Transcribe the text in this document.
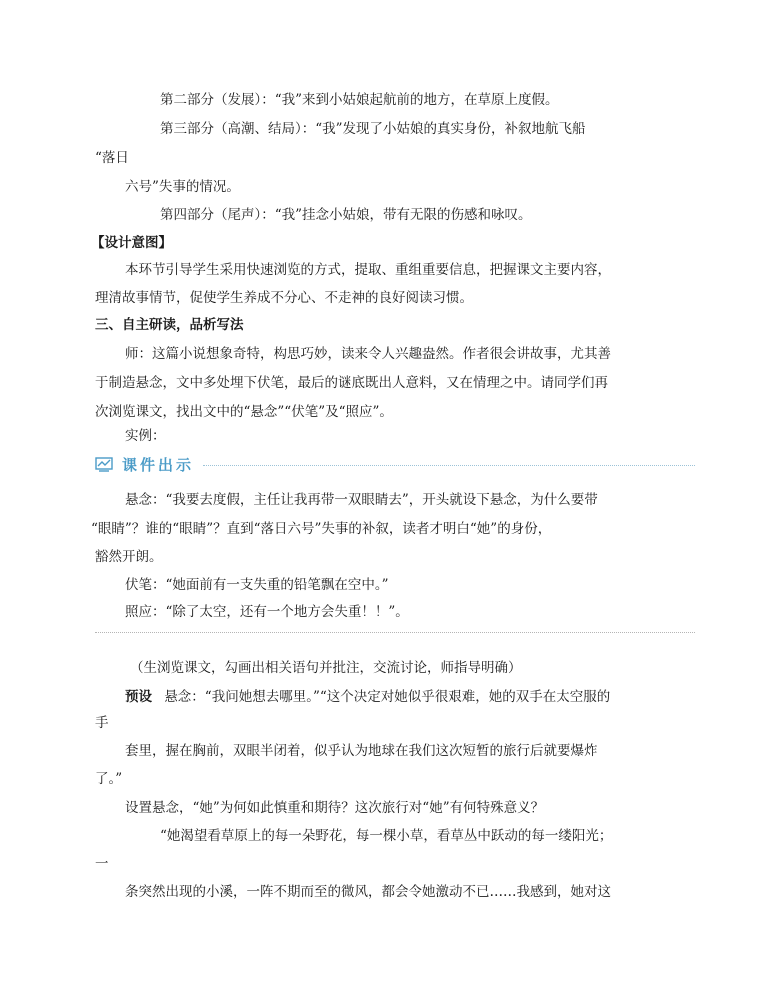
第二部分（发展）：“我”来到小姑娘起航前的地方，在草原上度假。
第三部分（高潮、结局）：“我”发现了小姑娘的真实身份，补叙地航飞船
“落日
六号”失事的情况。
第四部分（尾声）：“我”挂念小姑娘，带有无限的伤感和咏叹。
【设计意图】
本环节引导学生采用快速浏览的方式，提取、重组重要信息，把握课文主要内容，
理清故事情节，促使学生养成不分心、不走神的良好阅读习惯。
三、自主研读，品析写法
师：这篇小说想象奇特，构思巧妙，读来令人兴趣盎然。作者很会讲故事，尤其善
于制造悬念，文中多处埋下伏笔，最后的谜底既出人意料，又在情理之中。请同学们再
次浏览课文，找出文中的“悬念”“伏笔”及“照应”。
实例：
课件出示
悬念：“我要去度假，主任让我再带一双眼睛去”，开头就设下悬念，为什么要带
“眼睛”？谁的“眼睛”？直到“落日六号”失事的补叙，读者才明白“她”的身份，
豁然开朗。
伏笔：“她面前有一支失重的铅笔飘在空中。”
照应：“除了太空，还有一个地方会失重！！”。
（生浏览课文，勾画出相关语句并批注，交流讨论，师指导明确）
预设 悬念：“我问她想去哪里。”“这个决定对她似乎很艰难，她的双手在太空服的
手
套里，握在胸前，双眼半闭着，似乎认为地球在我们这次短暂的旅行后就要爆炸
了。”
设置悬念，“她”为何如此慎重和期待？这次旅行对“她”有何特殊意义？
“她渴望看草原上的每一朵野花，每一棵小草，看草丛中跃动的每一缕阳光；
一
条突然出现的小溪，一阵不期而至的微风，都会令她激动不已……我感到，她对这
